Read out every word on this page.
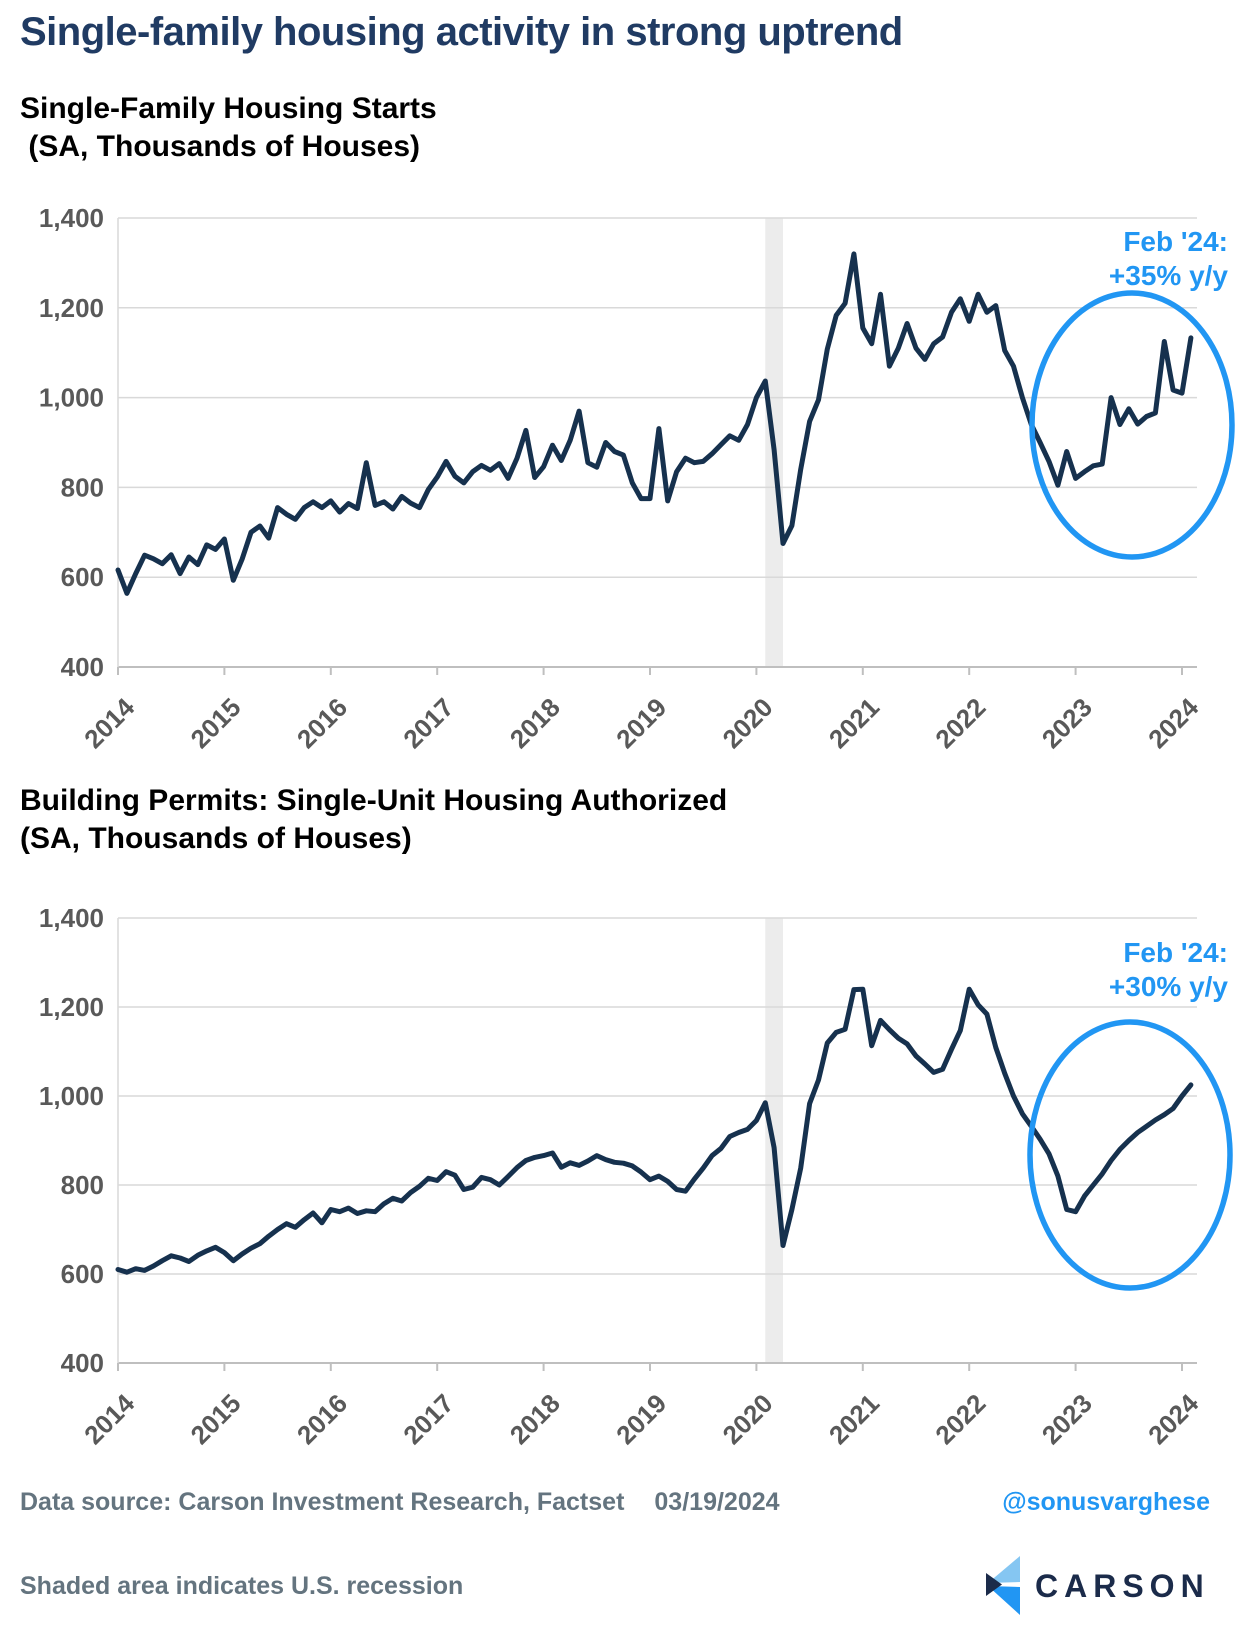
Single-family housing activity in strong uptrend
Single-Family Housing Starts
(SA, Thousands of Houses)
400
600
800
1,000
1,200
1,400
2014 2015 2016 2017 2018 2019 2020 2021 2022 2023 2024
Feb '24:
+35% y/y
Building Permits: Single-Unit Housing Authorized
(SA, Thousands of Houses)
400
600
800
1,000
1,200
1,400
2014 2015 2016 2017 2018 2019 2020 2021 2022 2023 2024
Feb '24:
+30% y/y
Data source: Carson Investment Research, Factset 03/19/2024	@sonusvarghese
Shaded area indicates U.S. recession	CARSON
